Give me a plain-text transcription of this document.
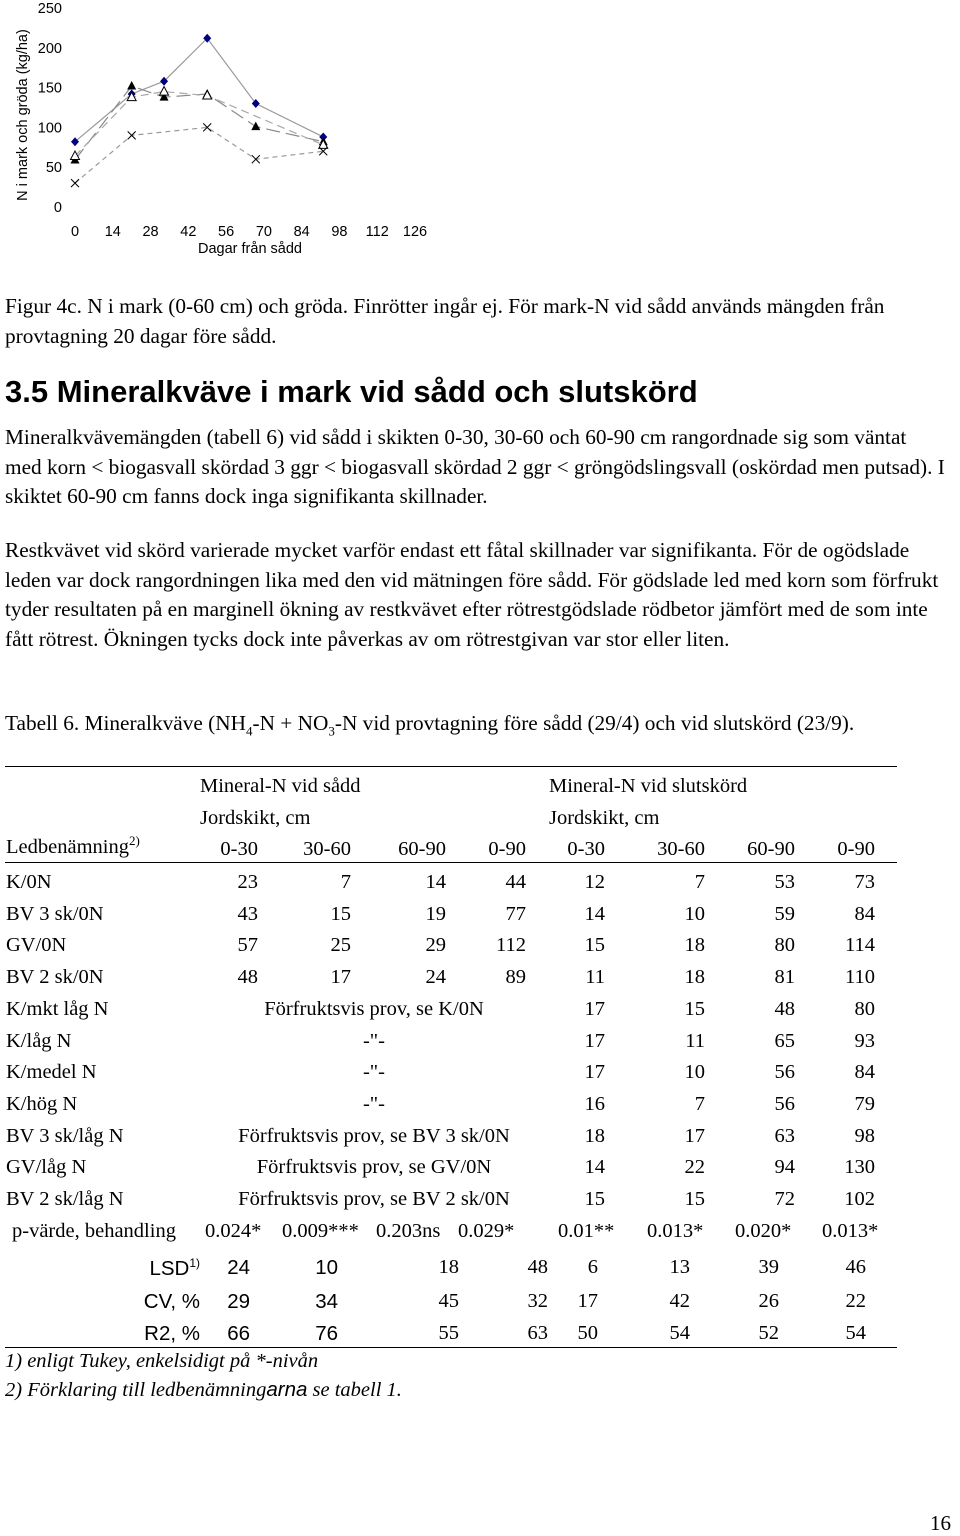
0
50
100
150
200
250
0 14 28 42 56 70 84 98 112 126
Dagar från sådd
N i mark och gröda (kg/ha)

Figur 4c. N i mark (0-60 cm) och gröda. Finrötter ingår ej. För mark-N vid sådd används mängden från provtagning 20 dagar före sådd.

3.5 Mineralkväve i mark vid sådd och slutskörd

Mineralkvävemängden (tabell 6) vid sådd i skikten 0-30, 30-60 och 60-90 cm rangordnade sig som väntat med korn < biogasvall skördad 3 ggr < biogasvall skördad 2 ggr < gröngödslingsvall (oskördad men putsad). I skiktet 60-90 cm fanns dock inga signifikanta skillnader.

Restkvävet vid skörd varierade mycket varför endast ett fåtal skillnader var signifikanta. För de ogödslade leden var dock rangordningen lika med den vid mätningen före sådd. För gödslade led med korn som förfrukt tyder resultaten på en marginell ökning av restkvävet efter rötrestgödslade rödbetor jämfört med de som inte fått rötrest. Ökningen tycks dock inte påverkas av om rötrestgivan var stor eller liten.

Tabell 6. Mineralkväve ($NH_4-N + NO_3-N$ vid provtagning före sådd (29/4) och vid slutskörd (23/9).
Mineral-N vid sådd	Mineral-N vid slutskörd
Jordskikt, cm	Jordskikt, cm
Ledbenämning$^{2)}$	0-30	30-60	60-90	0-90	0-30	30-60	60-90	0-90
K/0N	23	7	14	44	12	7	53	73
BV 3 sk/0N	43	15	19	77	14	10	59	84
GV/0N	57	25	29	112	15	18	80	114
BV 2 sk/0N	48	17	24	89	11	18	81	110
K/mkt låg N	Förfruktsvis prov, se K/0N	17	15	48	80
K/låg N	-"-	17	11	65	93
K/medel N	-"-	17	10	56	84
K/hög N	-"-	16	7	56	79
BV 3 sk/låg N	Förfruktsvis prov, se BV 3 sk/0N	18	17	63	98
GV/låg N	Förfruktsvis prov, se GV/0N	14	22	94	130
BV 2 sk/låg N	Förfruktsvis prov, se BV 2 sk/0N	15	15	72	102
p-värde, behandling 0.024* 0.009*** 0.203ns 0.029* 0.01** 0.013* 0.020* 0.013*
LSD$^{1)}$	24	10	18	48	6	13	39	46
CV, %	29	34	45	32	17	42	26	22
R2, %	66	76	55	63	50	54	52	54
1) enligt Tukey, enkelsidigt på *-nivån
2) Förklaring till ledbenämningarna se tabell 1.
16
